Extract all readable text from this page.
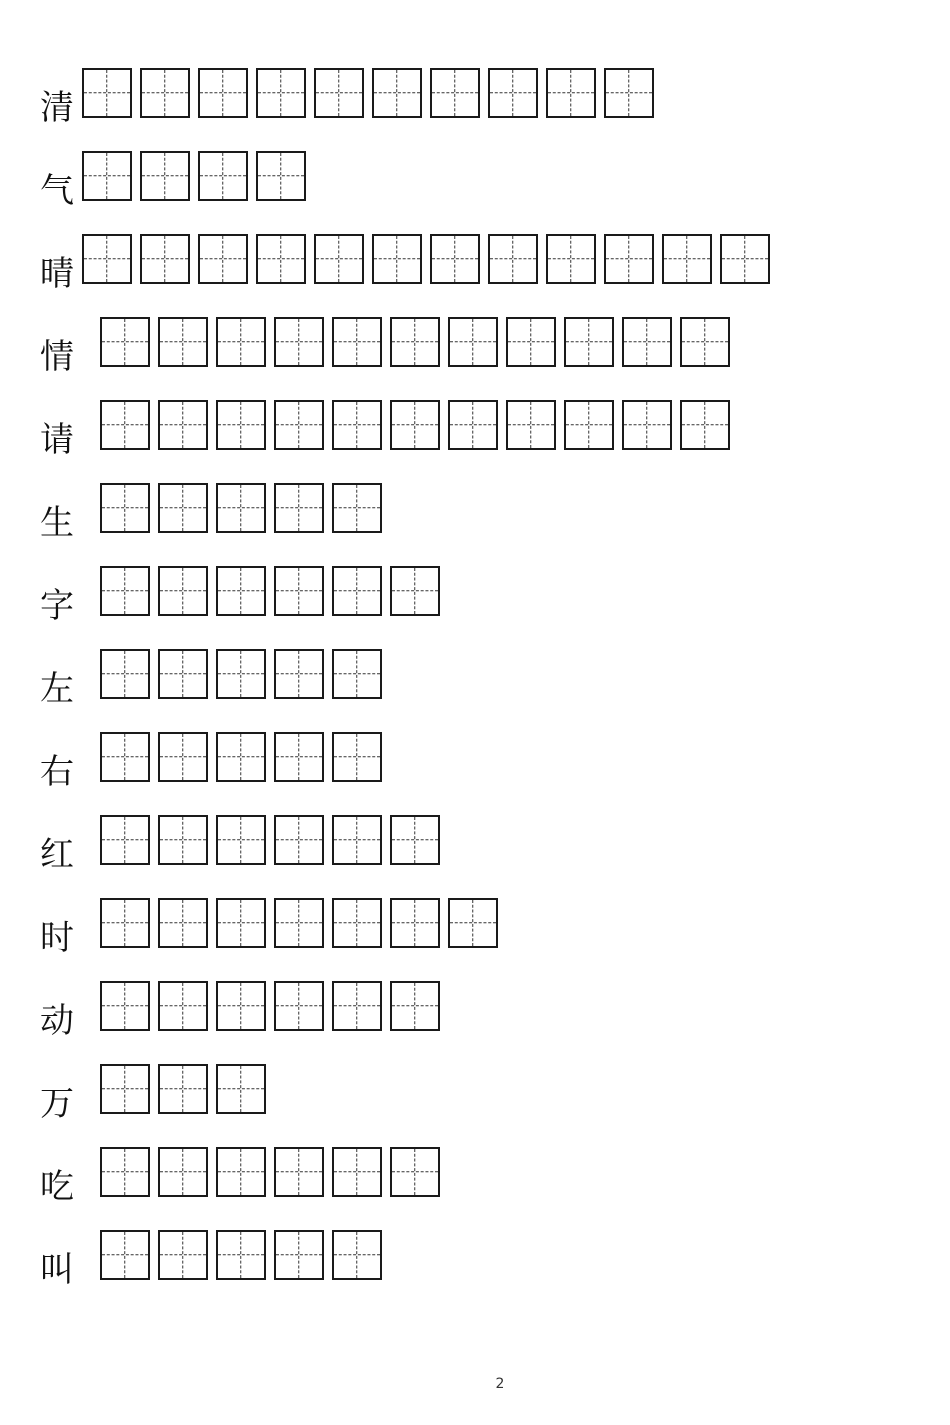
清
气
晴
情
请
生
字
左
右
红
时
动
万
吃
叫
2
